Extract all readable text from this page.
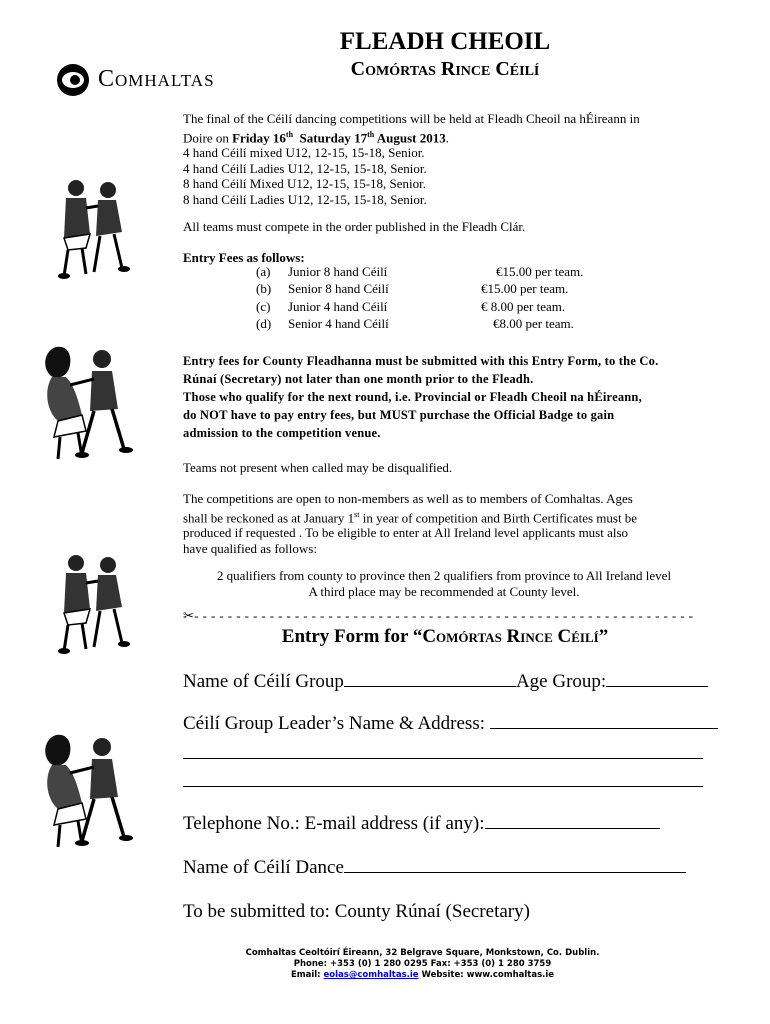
Comhaltas
FLEADH CHEOIL
Comórtas Rince Céilí
The final of the Céilí dancing competitions will be held at Fleadh Cheoil na hÉireann in
Doire on Friday 16th Saturday 17th August 2013.
4 hand Céilí mixed U12, 12-15, 15-18, Senior.
4 hand Céilí Ladies U12, 12-15, 15-18, Senior.
8 hand Céilí Mixed U12, 12-15, 15-18, Senior.
8 hand Céilí Ladies U12, 12-15, 15-18, Senior.
All teams must compete in the order published in the Fleadh Clár.
Entry Fees as follows:
(a) Junior 8 hand Céilí	€15.00 per team.
(b) Senior 8 hand Céilí	€15.00 per team.
(c) Junior 4 hand Céilí	€ 8.00 per team.
(d) Senior 4 hand Céilí	€8.00 per team.
Entry fees for County Fleadhanna must be submitted with this Entry Form, to the Co.
Rúnaí (Secretary) not later than one month prior to the Fleadh.
Those who qualify for the next round, i.e. Provincial or Fleadh Cheoil na hÉireann,
do NOT have to pay entry fees, but MUST purchase the Official Badge to gain
admission to the competition venue.
Teams not present when called may be disqualified.
The competitions are open to non-members as well as to members of Comhaltas. Ages
shall be reckoned as at January 1st in year of competition and Birth Certificates must be
produced if requested . To be eligible to enter at All Ireland level applicants must also
have qualified as follows:
2 qualifiers from county to province then 2 qualifiers from province to All Ireland level
A third place may be recommended at County level.
✂- - - - - - - - - - - - - - - - - - - - - - - - - - - - - - - - - - - - - - - - - - - - - - - - - - - - - - - - - - - -
Entry Form for “Comórtas Rince Céilí”
Name of Céilí Group	Age Group:
Céilí Group Leader’s Name & Address:
Telephone No.: E-mail address (if any):
Name of Céilí Dance
To be submitted to: County Rúnaí (Secretary)
Comhaltas Ceoltóirí Éireann, 32 Belgrave Square, Monkstown, Co. Dublin.
Phone: +353 (0) 1 280 0295 Fax: +353 (0) 1 280 3759
Email: eolas@comhaltas.ie Website: www.comhaltas.ie
